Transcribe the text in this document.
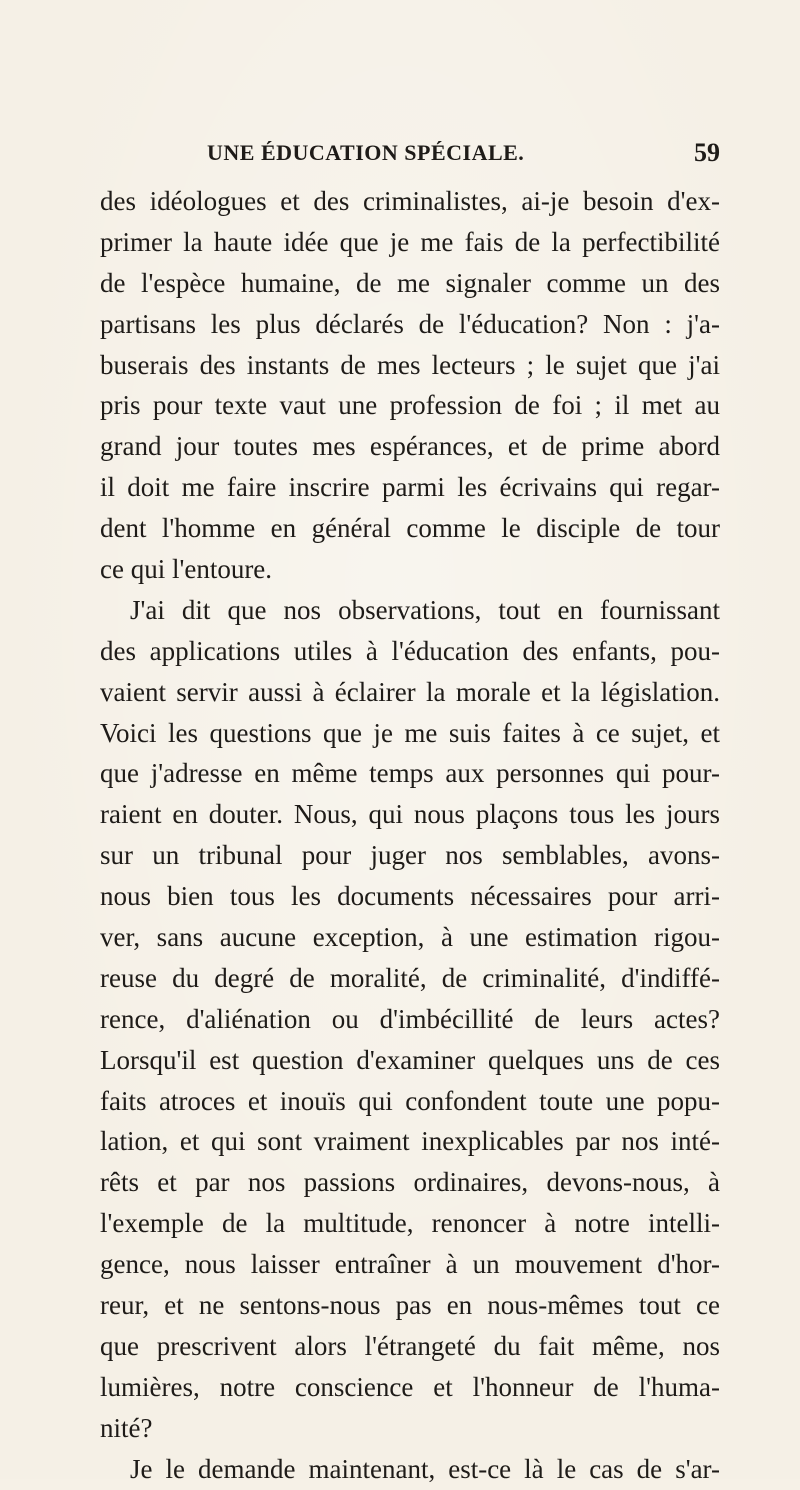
UNE ÉDUCATION SPÉCIALE.	59
des idéologues et des criminalistes, ai-je besoin d'ex-
primer la haute idée que je me fais de la perfectibilité
de l'espèce humaine, de me signaler comme un des
partisans les plus déclarés de l'éducation? Non : j'a-
buserais des instants de mes lecteurs ; le sujet que j'ai
pris pour texte vaut une profession de foi ; il met au
grand jour toutes mes espérances, et de prime abord
il doit me faire inscrire parmi les écrivains qui regar-
dent l'homme en général comme le disciple de tour
ce qui l'entoure.
J'ai dit que nos observations, tout en fournissant
des applications utiles à l'éducation des enfants, pou-
vaient servir aussi à éclairer la morale et la législation.
Voici les questions que je me suis faites à ce sujet, et
que j'adresse en même temps aux personnes qui pour-
raient en douter. Nous, qui nous plaçons tous les jours
sur un tribunal pour juger nos semblables, avons-
nous bien tous les documents nécessaires pour arri-
ver, sans aucune exception, à une estimation rigou-
reuse du degré de moralité, de criminalité, d'indiffé-
rence, d'aliénation ou d'imbécillité de leurs actes?
Lorsqu'il est question d'examiner quelques uns de ces
faits atroces et inouïs qui confondent toute une popu-
lation, et qui sont vraiment inexplicables par nos inté-
rêts et par nos passions ordinaires, devons-nous, à
l'exemple de la multitude, renoncer à notre intelli-
gence, nous laisser entraîner à un mouvement d'hor-
reur, et ne sentons-nous pas en nous-mêmes tout ce
que prescrivent alors l'étrangeté du fait même, nos
lumières, notre conscience et l'honneur de l'huma-
nité?
Je le demande maintenant, est-ce là le cas de s'ar-
